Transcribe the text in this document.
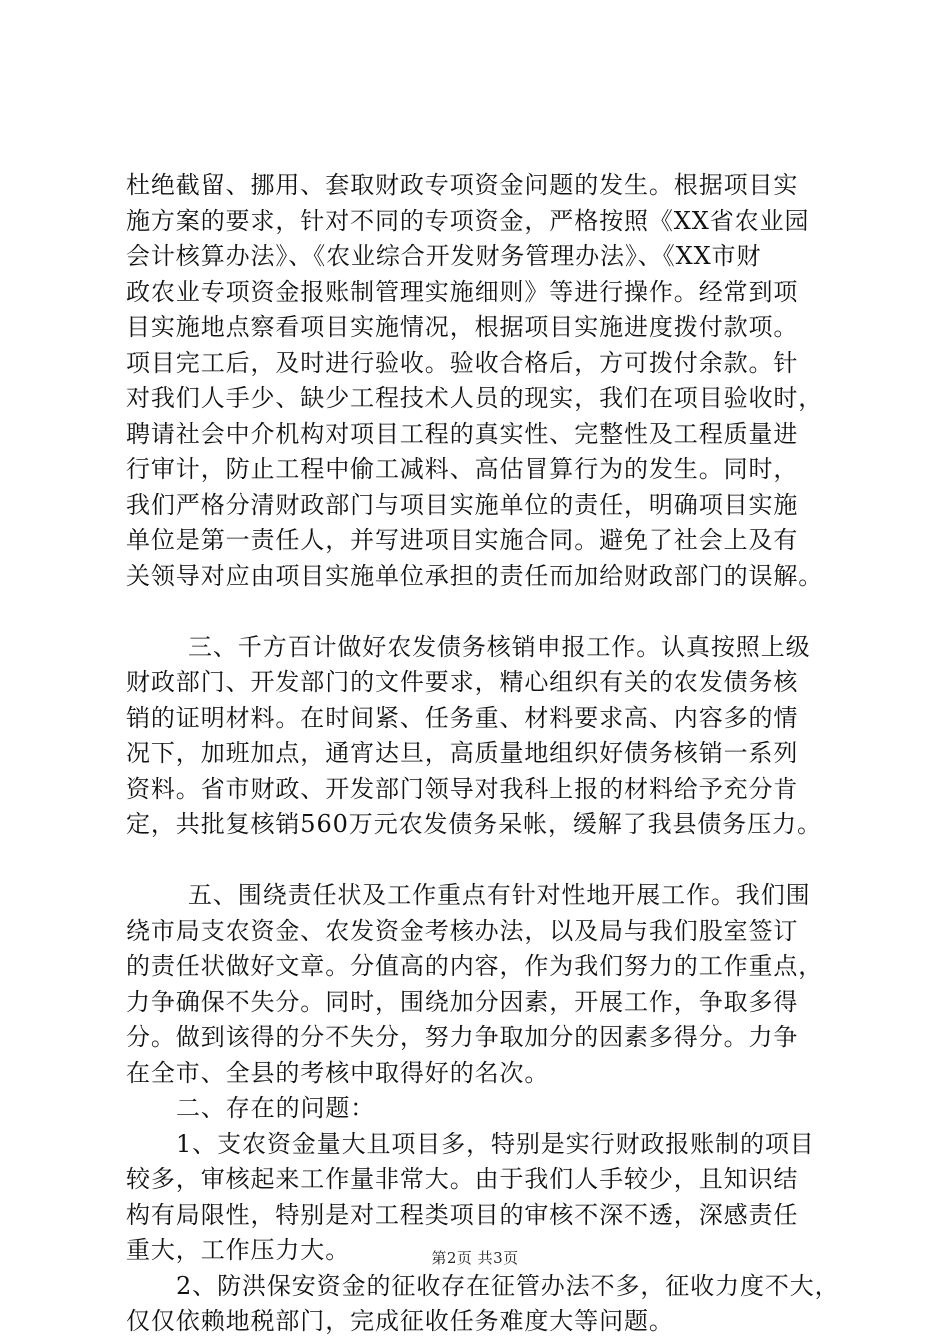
杜绝截留、挪用、套取财政专项资金问题的发生。根据项目实
施方案的要求，针对不同的专项资金，严格按照《XX省农业园
会计核算办法》、《农业综合开发财务管理办法》、《XX市财
政农业专项资金报账制管理实施细则》等进行操作。经常到项
目实施地点察看项目实施情况，根据项目实施进度拨付款项。
项目完工后，及时进行验收。验收合格后，方可拨付余款。针
对我们人手少、缺少工程技术人员的现实，我们在项目验收时，
聘请社会中介机构对项目工程的真实性、完整性及工程质量进
行审计，防止工程中偷工减料、高估冒算行为的发生。同时，
我们严格分清财政部门与项目实施单位的责任，明确项目实施
单位是第一责任人，并写进项目实施合同。避免了社会上及有
关领导对应由项目实施单位承担的责任而加给财政部门的误解。
三、千方百计做好农发债务核销申报工作。认真按照上级
财政部门、开发部门的文件要求，精心组织有关的农发债务核
销的证明材料。在时间紧、任务重、材料要求高、内容多的情
况下，加班加点，通宵达旦，高质量地组织好债务核销一系列
资料。省市财政、开发部门领导对我科上报的材料给予充分肯
定，共批复核销560万元农发债务呆帐，缓解了我县债务压力。
五、围绕责任状及工作重点有针对性地开展工作。我们围
绕市局支农资金、农发资金考核办法，以及局与我们股室签订
的责任状做好文章。分值高的内容，作为我们努力的工作重点，
力争确保不失分。同时，围绕加分因素，开展工作，争取多得
分。做到该得的分不失分，努力争取加分的因素多得分。力争
在全市、全县的考核中取得好的名次。
二、存在的问题：
1、支农资金量大且项目多，特别是实行财政报账制的项目
较多，审核起来工作量非常大。由于我们人手较少，且知识结
构有局限性，特别是对工程类项目的审核不深不透，深感责任
重大，工作压力大。
2、防洪保安资金的征收存在征管办法不多，征收力度不大，
仅仅依赖地税部门，完成征收任务难度大等问题。
第2页 共3页
